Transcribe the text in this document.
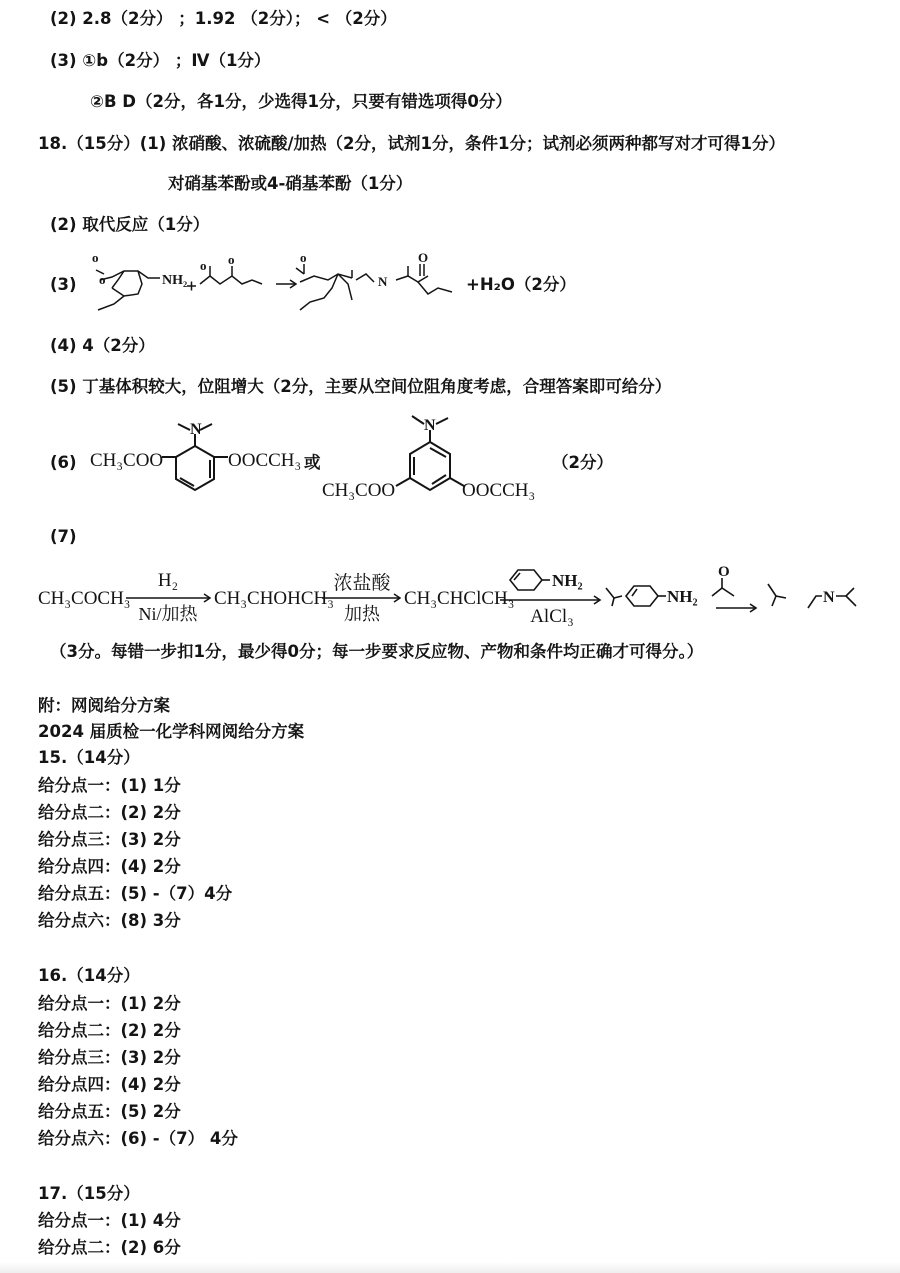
(2) 2.8（2分） ；1.92 （2分）； < （2分）
(3) ①b（2分） ；Ⅳ（1分）
②B D（2分，各1分，少选得1分，只要有错选项得0分）
18.（15分）(1) 浓硝酸、浓硫酸/加热（2分，试剂1分，条件1分；试剂必须两种都写对才可得1分）
对硝基苯酚或4-硝基苯酚（1分）
(2) 取代反应（1分）
(3)
o
o
o o	o
N
O
NH₂	+H₂O（2分）
(4) 4（2分）
(5) 丁基体积较大，位阻增大（2分，主要从空间位阻角度考虑，合理答案即可给分）
(6) CH₃COO
N
OOCCH₃ 或
N
CH₃COO	OOCCH₃
（2分）
(7)
CH₃COCH₃
H₂
Ni/加热
CH₃CHOHCH₃
浓盐酸
加热
CH₃CHClCH₃
NH₂
AlCl₃
NH₂
O
N
（3分。每错一步扣1分，最少得0分；每一步要求反应物、产物和条件均正确才可得分。）
附：网阅给分方案
2024 届质检一化学科网阅给分方案
15.（14分）
给分点一：(1) 1分
给分点二：(2) 2分
给分点三：(3) 2分
给分点四：(4) 2分
给分点五：(5) -（7）4分
给分点六：(8) 3分
16.（14分）
给分点一：(1) 2分
给分点二：(2) 2分
给分点三：(3) 2分
给分点四：(4) 2分
给分点五：(5) 2分
给分点六：(6) -（7） 4分
17.（15分）
给分点一：(1) 4分
给分点二：(2) 6分
